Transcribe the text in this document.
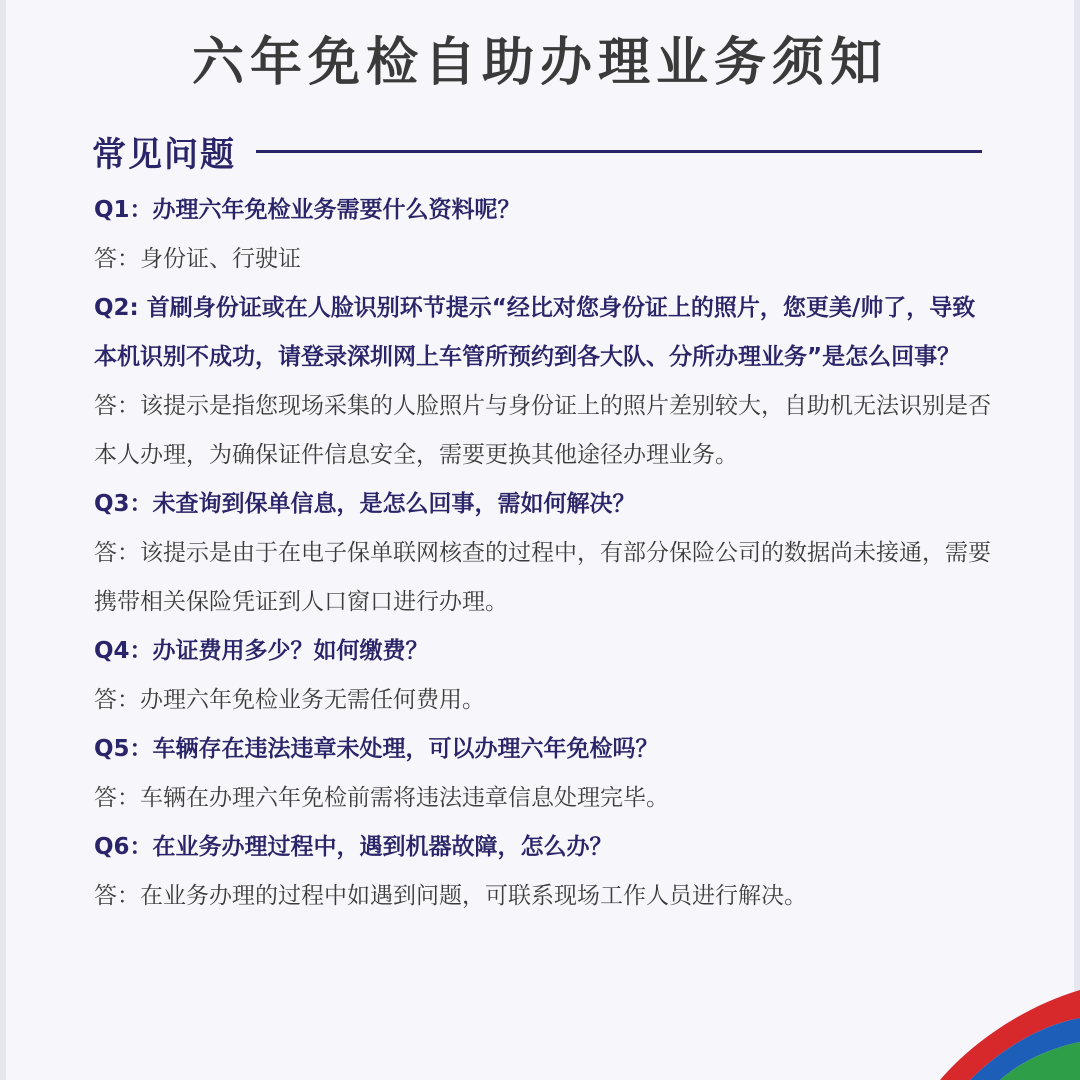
六年免检自助办理业务须知
常见问题

Q1：办理六年免检业务需要什么资料呢？

答：身份证、行驶证

Q2: 首刷身份证或在人脸识别环节提示“经比对您身份证上的照片，您更美/帅了，导致本机识别不成功，请登录深圳网上车管所预约到各大队、分所办理业务”是怎么回事？

答：该提示是指您现场采集的人脸照片与身份证上的照片差别较大，自助机无法识别是否本人办理，为确保证件信息安全，需要更换其他途径办理业务。

Q3：未查询到保单信息，是怎么回事，需如何解决？

答：该提示是由于在电子保单联网核查的过程中，有部分保险公司的数据尚未接通，需要携带相关保险凭证到人口窗口进行办理。

Q4：办证费用多少？如何缴费？

答：办理六年免检业务无需任何费用。

Q5：车辆存在违法违章未处理，可以办理六年免检吗？

答：车辆在办理六年免检前需将违法违章信息处理完毕。

Q6：在业务办理过程中，遇到机器故障，怎么办？

答：在业务办理的过程中如遇到问题，可联系现场工作人员进行解决。
